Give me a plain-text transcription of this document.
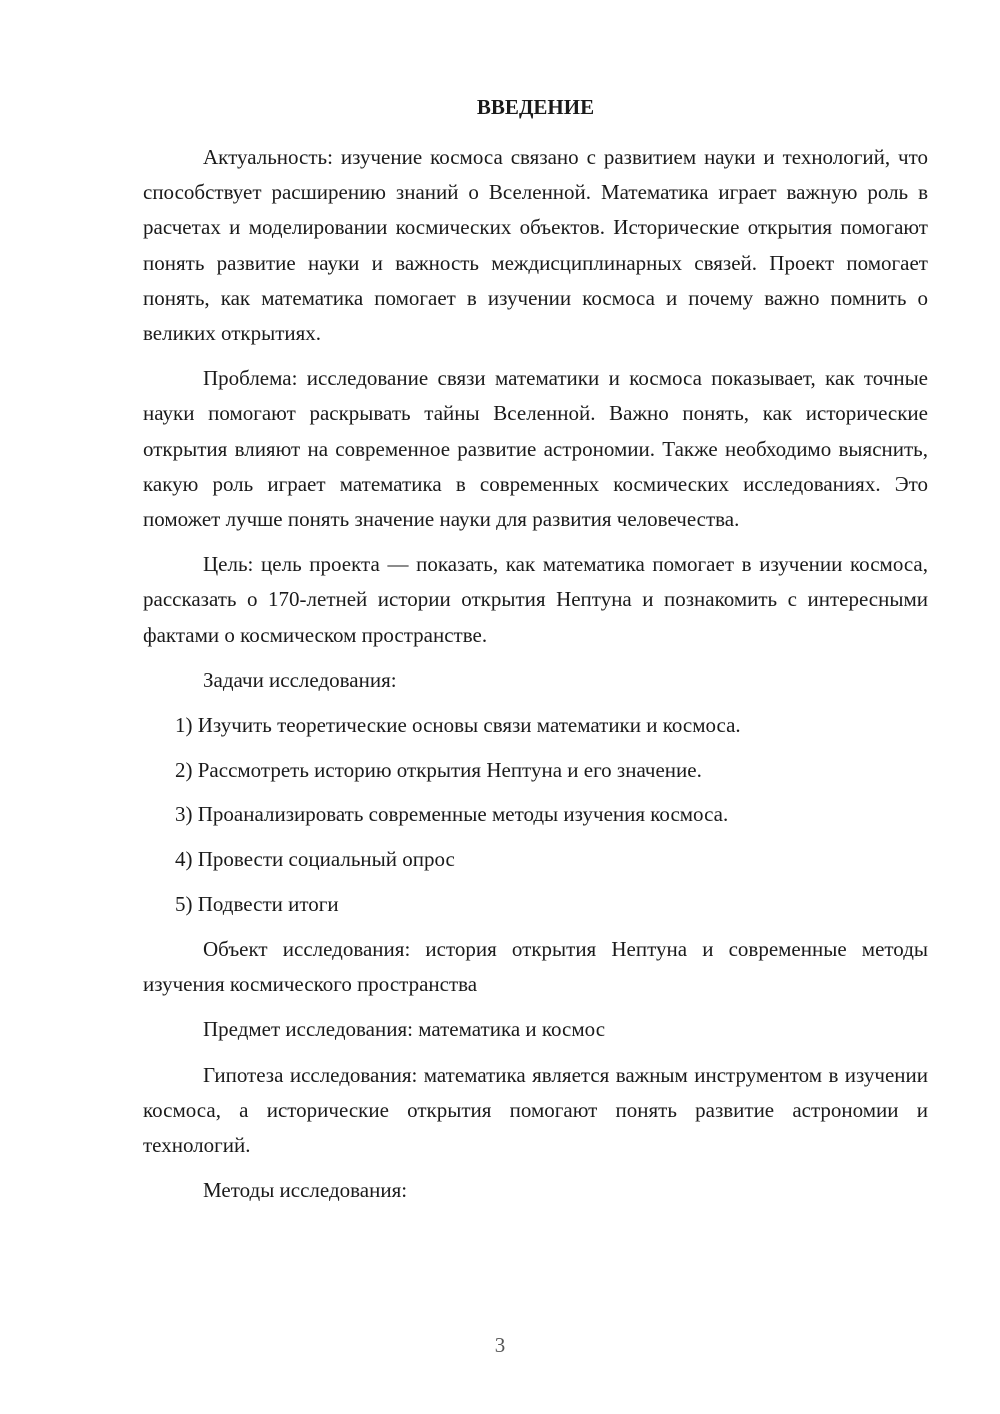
ВВЕДЕНИЕ

Актуальность: изучение космоса связано с развитием науки и технологий, что способствует расширению знаний о Вселенной. Математика играет важную роль в расчетах и моделировании космических объектов. Исторические открытия помогают понять развитие науки и важность междисциплинарных связей. Проект помогает понять, как математика помогает в изучении космоса и почему важно помнить о великих открытиях.

Проблема: исследование связи математики и космоса показывает, как точные науки помогают раскрывать тайны Вселенной. Важно понять, как исторические открытия влияют на современное развитие астрономии. Также необходимо выяснить, какую роль играет математика в современных космических исследованиях. Это поможет лучше понять значение науки для развития человечества.

Цель: цель проекта — показать, как математика помогает в изучении космоса, рассказать о 170-летней истории открытия Нептуна и познакомить с интересными фактами о космическом пространстве.

Задачи исследования:

1) Изучить теоретические основы связи математики и космоса.
2) Рассмотреть историю открытия Нептуна и его значение.
3) Проанализировать современные методы изучения космоса.
4) Провести социальный опрос
5) Подвести итоги

Объект исследования: история открытия Нептуна и современные методы изучения космического пространства

Предмет исследования: математика и космос

Гипотеза исследования: математика является важным инструментом в изучении космоса, а исторические открытия помогают понять развитие астрономии и технологий.

Методы исследования:

3
